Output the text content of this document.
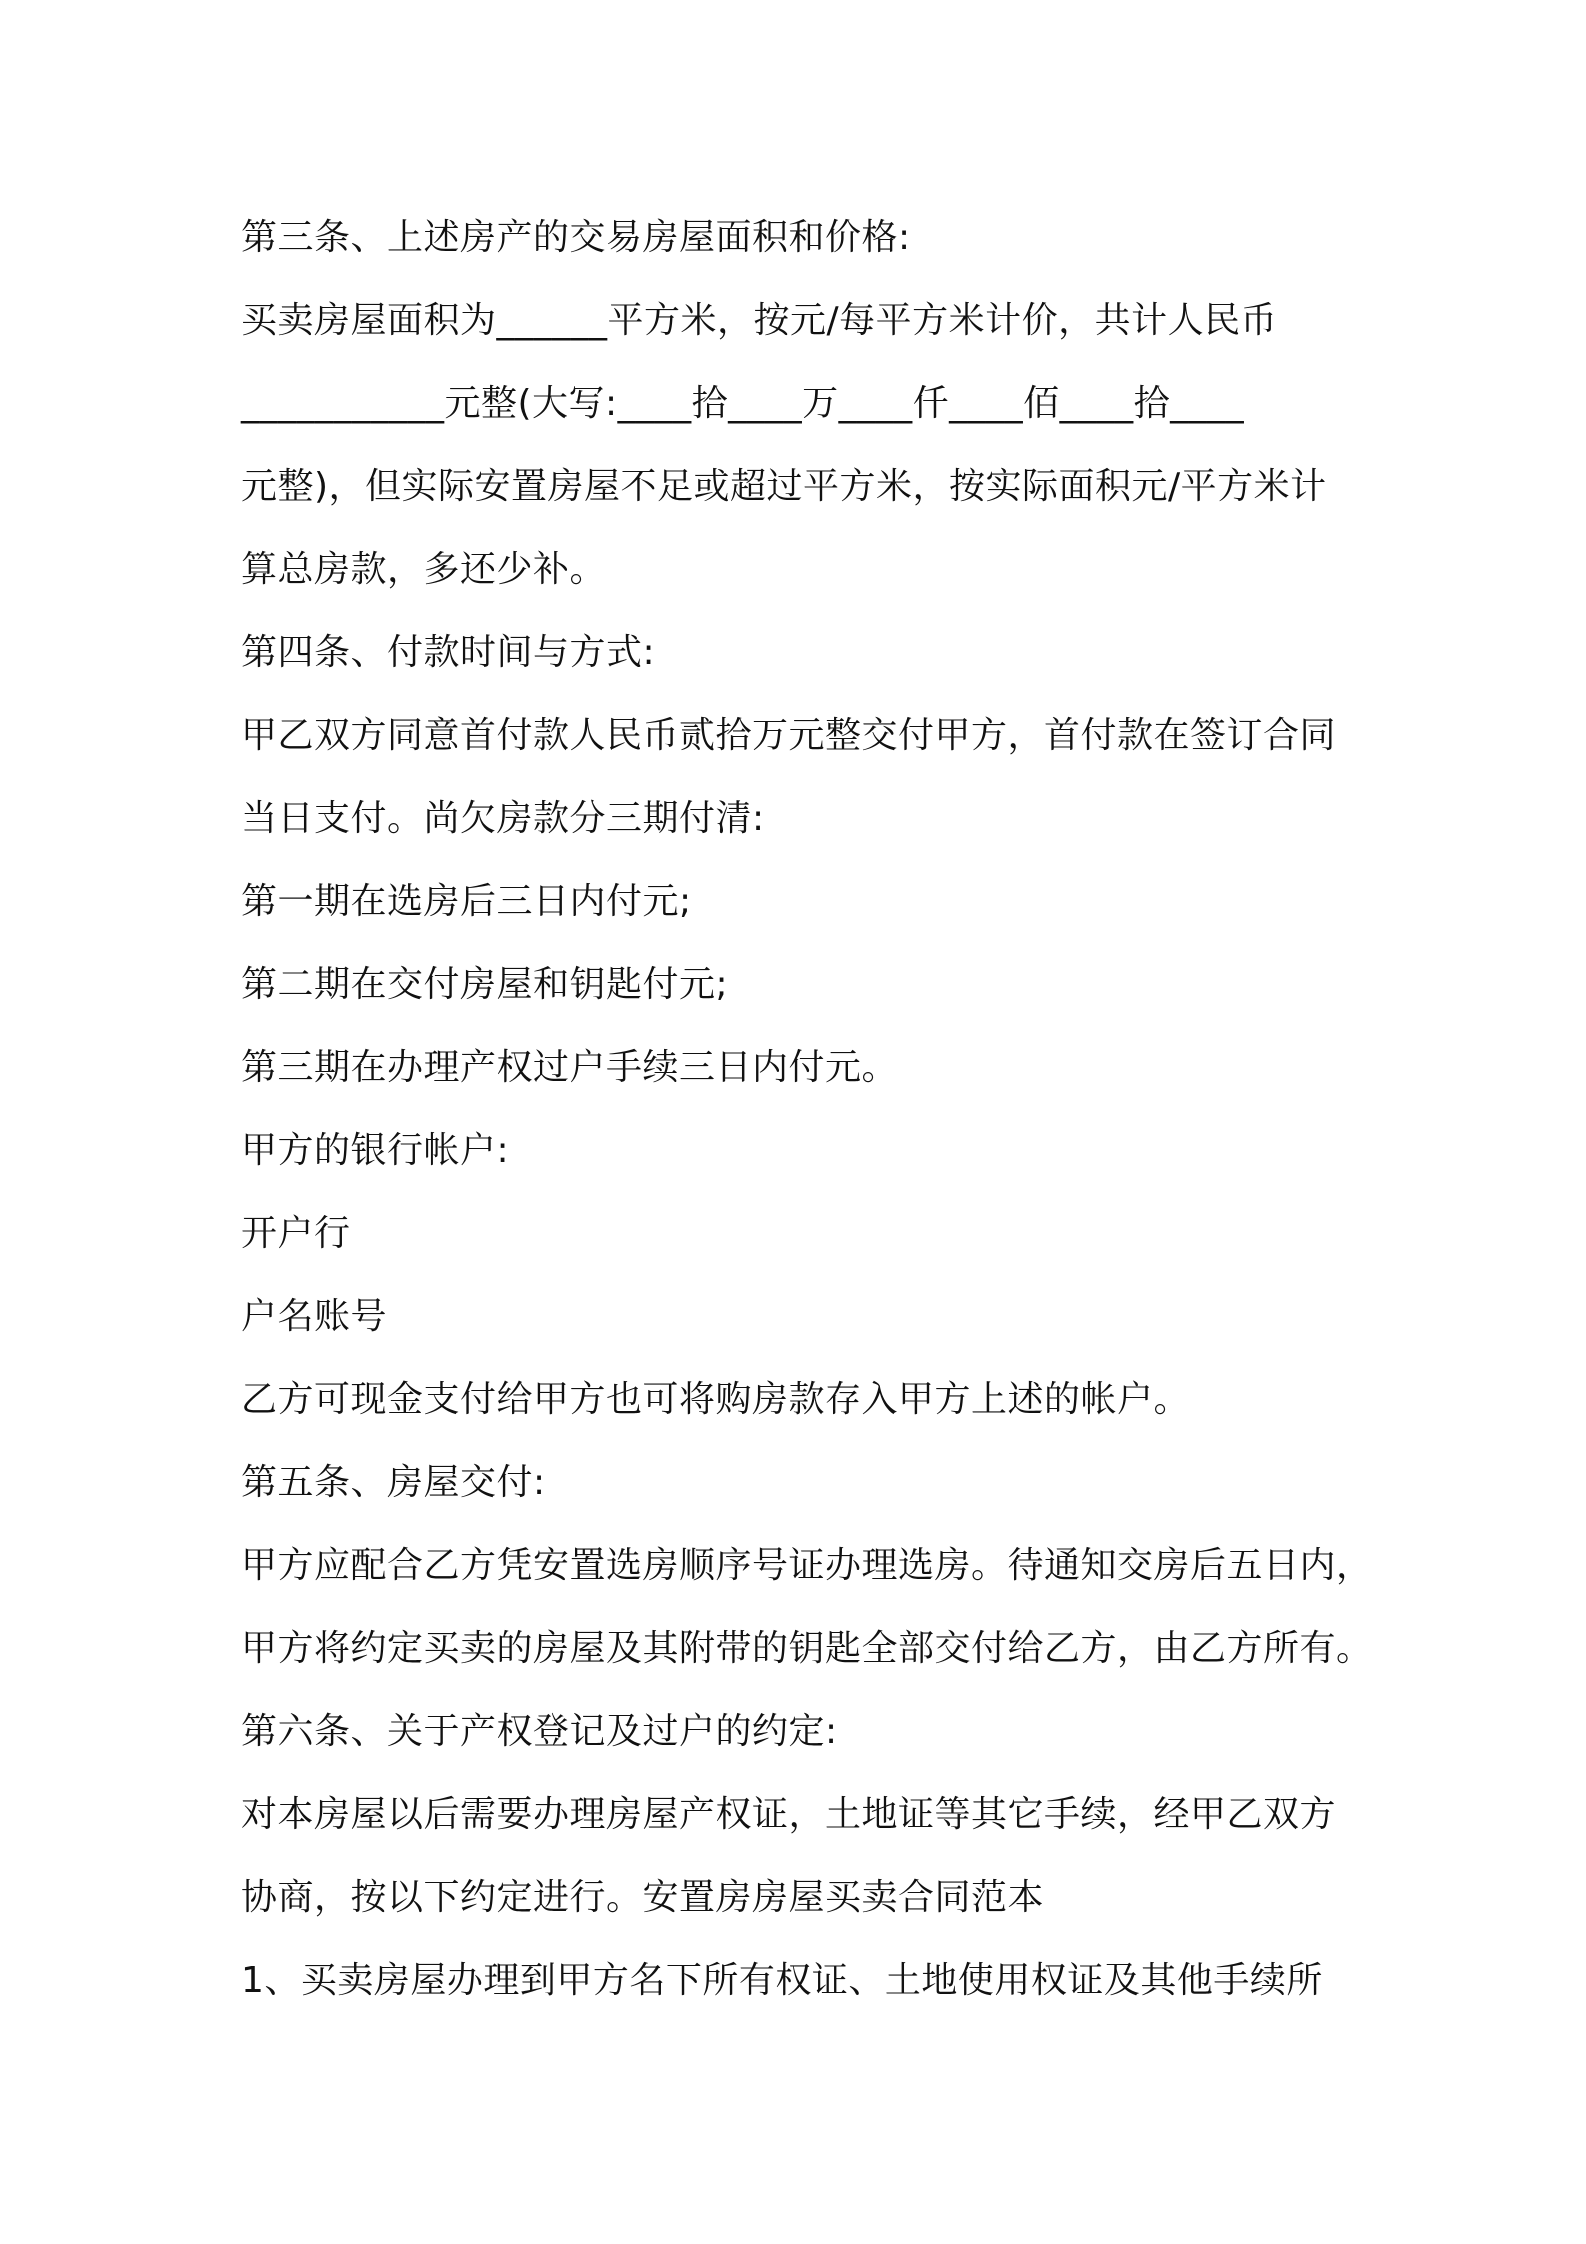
第三条、上述房产的交易房屋面积和价格:
买卖房屋面积为______平方米，按元/每平方米计价，共计人民币
___________元整(大写:____拾____万____仟____佰____拾____
元整)，但实际安置房屋不足或超过平方米，按实际面积元/平方米计
算总房款，多还少补。
第四条、付款时间与方式:
甲乙双方同意首付款人民币贰拾万元整交付甲方，首付款在签订合同
当日支付。尚欠房款分三期付清:
第一期在选房后三日内付元;
第二期在交付房屋和钥匙付元;
第三期在办理产权过户手续三日内付元。
甲方的银行帐户:
开户行
户名账号
乙方可现金支付给甲方也可将购房款存入甲方上述的帐户。
第五条、房屋交付:
甲方应配合乙方凭安置选房顺序号证办理选房。待通知交房后五日内，
甲方将约定买卖的房屋及其附带的钥匙全部交付给乙方，由乙方所有。
第六条、关于产权登记及过户的约定:
对本房屋以后需要办理房屋产权证，土地证等其它手续，经甲乙双方
协商，按以下约定进行。安置房房屋买卖合同范本
1、买卖房屋办理到甲方名下所有权证、土地使用权证及其他手续所
